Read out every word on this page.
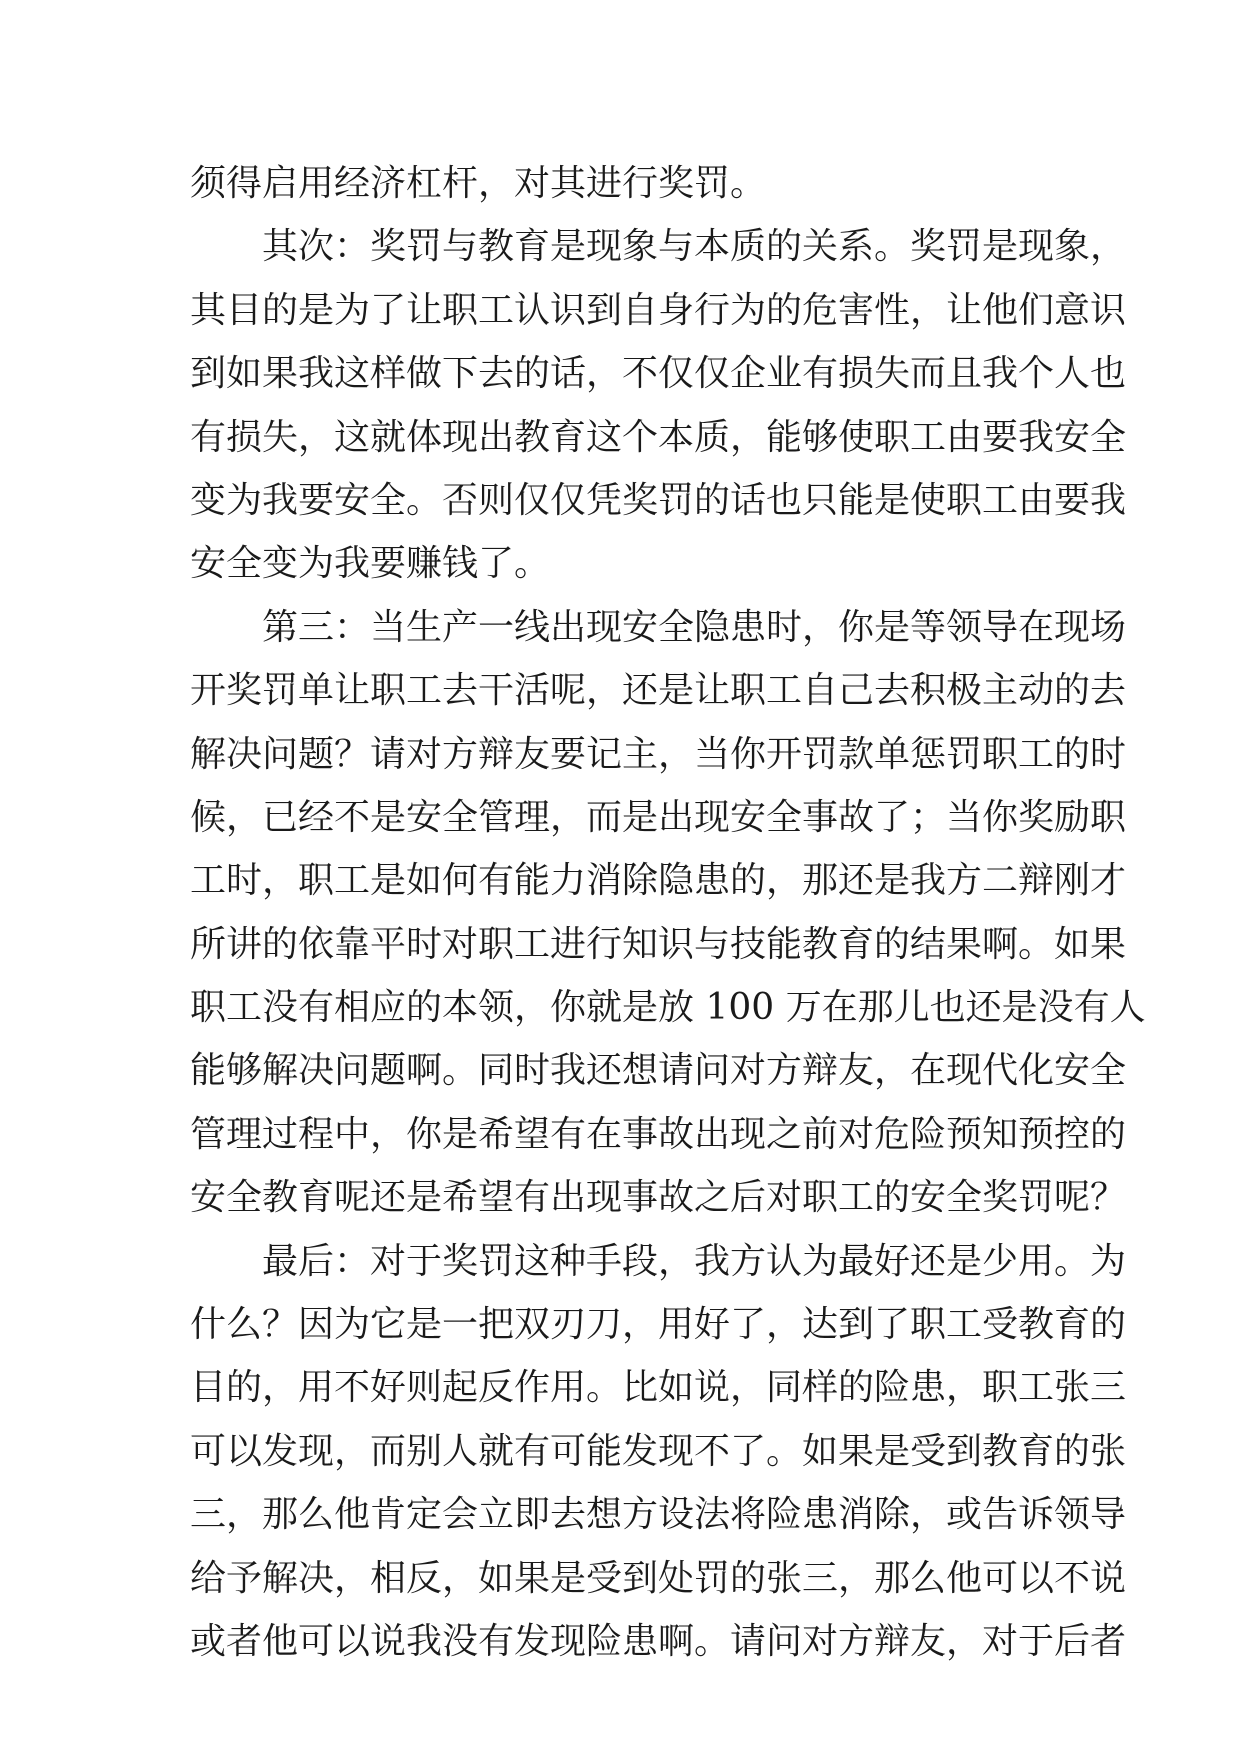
须得启用经济杠杆，对其进行奖罚。
其次：奖罚与教育是现象与本质的关系。奖罚是现象，
其目的是为了让职工认识到自身行为的危害性，让他们意识
到如果我这样做下去的话，不仅仅企业有损失而且我个人也
有损失，这就体现出教育这个本质，能够使职工由要我安全
变为我要安全。否则仅仅凭奖罚的话也只能是使职工由要我
安全变为我要赚钱了。
第三：当生产一线出现安全隐患时，你是等领导在现场
开奖罚单让职工去干活呢，还是让职工自己去积极主动的去
解决问题？请对方辩友要记主，当你开罚款单惩罚职工的时
候，已经不是安全管理，而是出现安全事故了；当你奖励职
工时，职工是如何有能力消除隐患的，那还是我方二辩刚才
所讲的依靠平时对职工进行知识与技能教育的结果啊。如果
职工没有相应的本领，你就是放 100 万在那儿也还是没有人
能够解决问题啊。同时我还想请问对方辩友，在现代化安全
管理过程中，你是希望有在事故出现之前对危险预知预控的
安全教育呢还是希望有出现事故之后对职工的安全奖罚呢？
最后：对于奖罚这种手段，我方认为最好还是少用。为
什么？因为它是一把双刃刀，用好了，达到了职工受教育的
目的，用不好则起反作用。比如说，同样的险患，职工张三
可以发现，而别人就有可能发现不了。如果是受到教育的张
三，那么他肯定会立即去想方设法将险患消除，或告诉领导
给予解决，相反，如果是受到处罚的张三，那么他可以不说
或者他可以说我没有发现险患啊。请问对方辩友，对于后者
